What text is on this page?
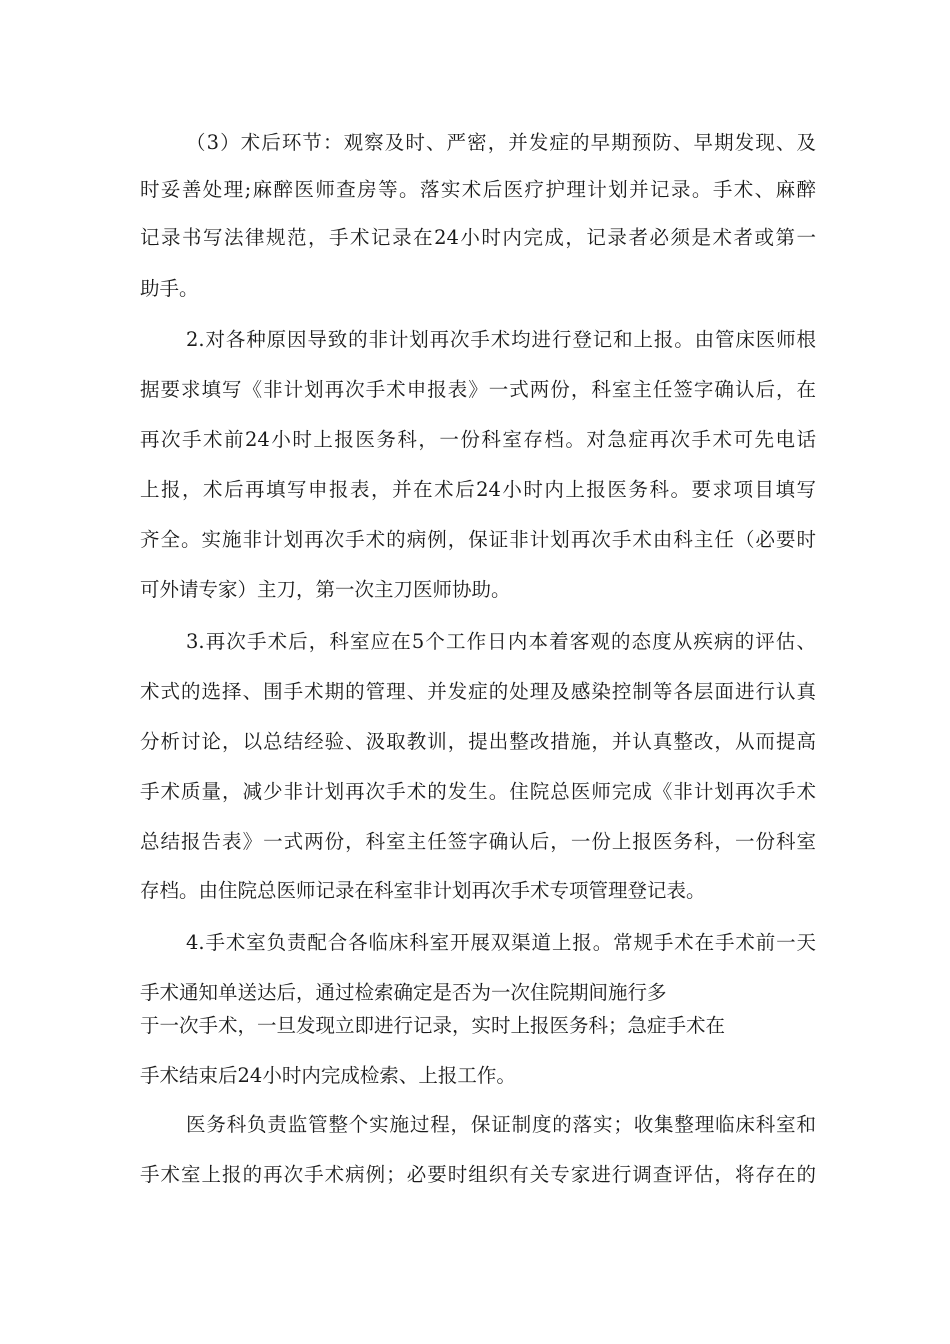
（3）术后环节：观察及时、严密，并发症的早期预防、早期发现、及
时妥善处理;麻醉医师查房等。落实术后医疗护理计划并记录。手术、麻醉
记录书写法律规范，手术记录在24小时内完成，记录者必须是术者或第一
助手。
2.对各种原因导致的非计划再次手术均进行登记和上报。由管床医师根
据要求填写《非计划再次手术申报表》一式两份，科室主任签字确认后，在
再次手术前24小时上报医务科，一份科室存档。对急症再次手术可先电话
上报，术后再填写申报表，并在术后24小时内上报医务科。要求项目填写
齐全。实施非计划再次手术的病例，保证非计划再次手术由科主任（必要时
可外请专家）主刀，第一次主刀医师协助。
3.再次手术后，科室应在5个工作日内本着客观的态度从疾病的评估、
术式的选择、围手术期的管理、并发症的处理及感染控制等各层面进行认真
分析讨论，以总结经验、汲取教训，提出整改措施，并认真整改，从而提高
手术质量，减少非计划再次手术的发生。住院总医师完成《非计划再次手术
总结报告表》一式两份，科室主任签字确认后，一份上报医务科，一份科室
存档。由住院总医师记录在科室非计划再次手术专项管理登记表。
4.手术室负责配合各临床科室开展双渠道上报。常规手术在手术前一天
手术通知单送达后，通过检索确定是否为一次住院期间施行多
于一次手术，一旦发现立即进行记录，实时上报医务科；急症手术在
手术结束后24小时内完成检索、上报工作。
医务科负责监管整个实施过程，保证制度的落实；收集整理临床科室和
手术室上报的再次手术病例；必要时组织有关专家进行调查评估，将存在的
